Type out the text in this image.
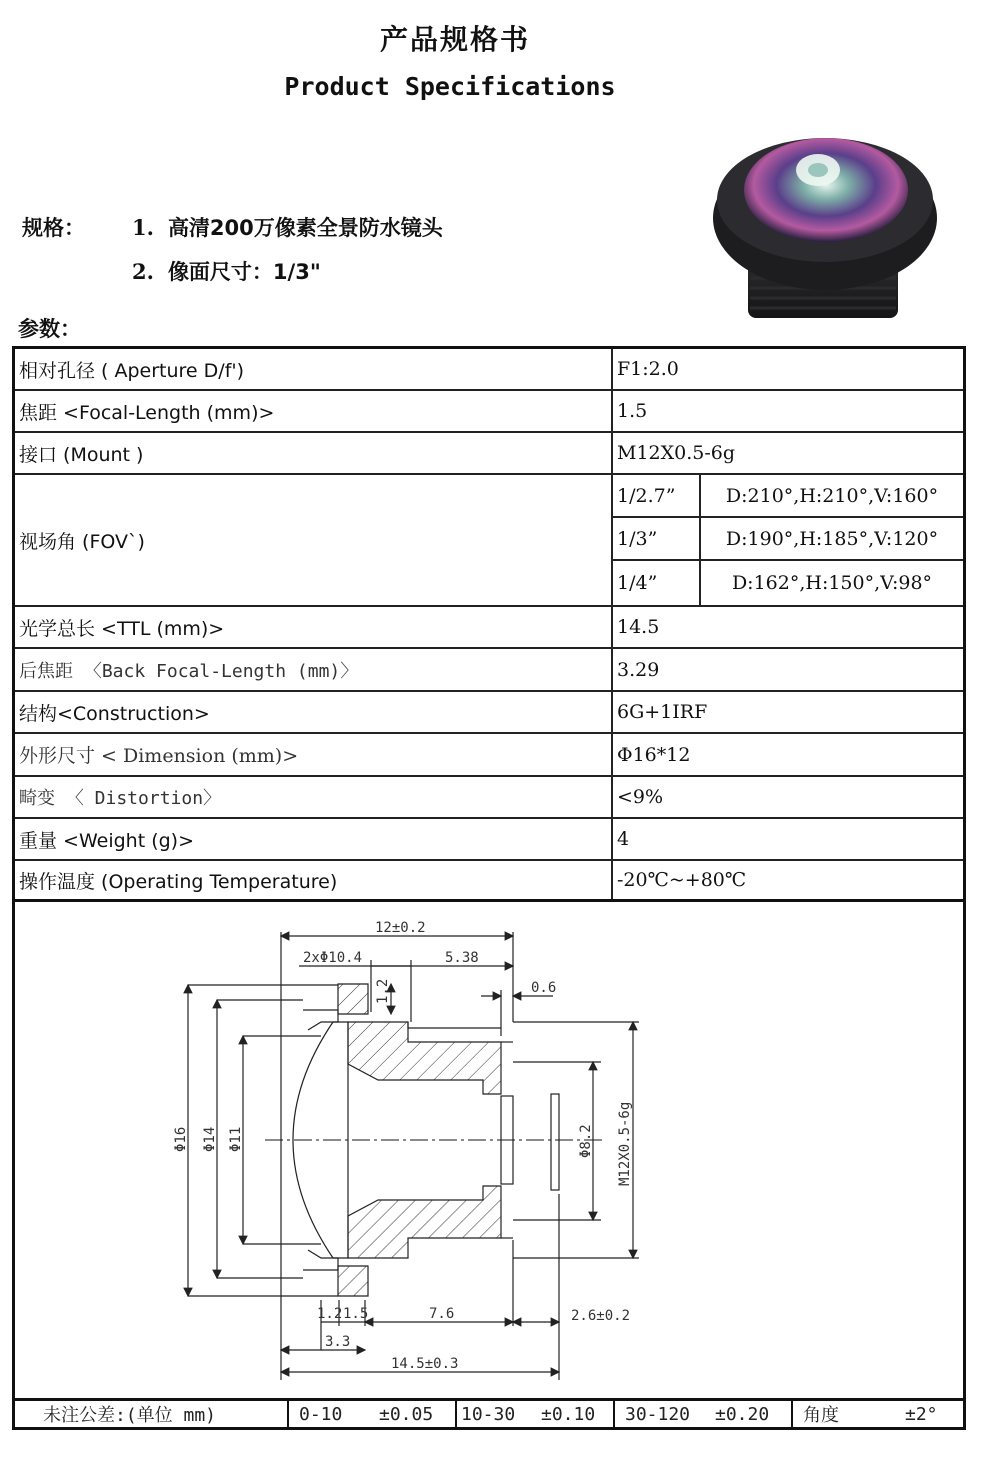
产品规格书
Product Specifications
规格： 1. 高清200万像素全景防水镜头
2. 像面尺寸：1/3"
参数：
相对孔径 ( Aperture D/f')	F1:2.0
焦距 <Focal-Length (mm)>	1.5
接口 (Mount )	M12X0.5-6g
视场角 (FOV`)
1/2.7”	D:210°,H:210°,V:160°
1/3”	D:190°,H:185°,V:120°
1/4”	D:162°,H:150°,V:98°
光学总长 <TTL (mm)>	14.5
后焦距 〈Back Focal-Length (mm)〉	3.29
结构<Construction>	6G+1IRF
外形尺寸 < Dimension (mm)>	Φ16*12
畸变 〈 Distortion〉	<9%
重量 <Weight (g)>	4
操作温度 (Operating Temperature)	-20℃~+80℃
12±0.2
2xΦ10.4	5.38
0.6
1.2
Φ16 Φ14 Φ11	Φ8.2 M12X0.5-6g
1.2 1.5	7.6
3.3
2.6±0.2
14.5±0.3
未注公差:(单位 mm)	0-10 ±0.05 10-30 ±0.10 30-120 ±0.20 角度	±2°
